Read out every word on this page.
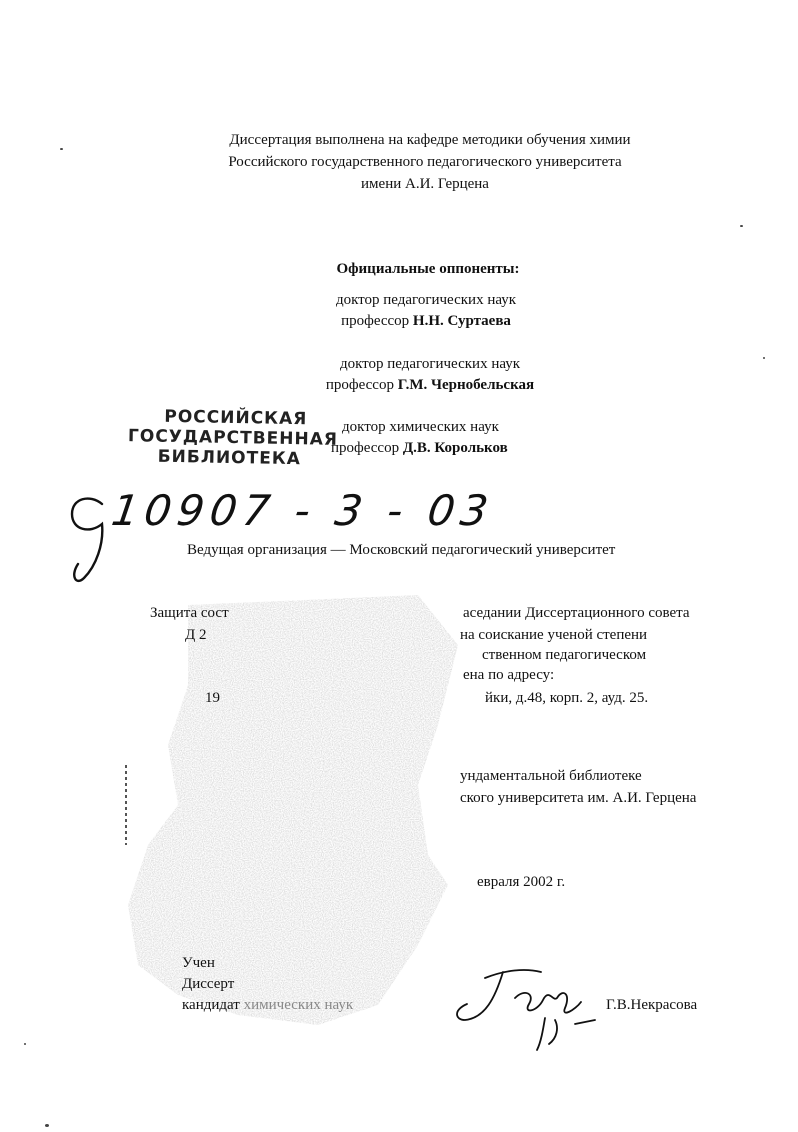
Диссертация выполнена на кафедре методики обучения химии
Российского государственного педагогического университета
имени А.И. Герцена
Официальные оппоненты:
доктор педагогических наук
профессор Н.Н. Суртаева
доктор педагогических наук
профессор Г.М. Чернобельская
доктор химических наук
профессор Д.В. Корольков
РОССИЙСКАЯ
ГОСУДАРСТВЕННАЯ
БИБЛИОТЕКА
10907 - 3 - 03
Ведущая организация — Московский педагогический университет
Защита сост	аседании Диссертационного совета
Д 2	на соискание ученой степени
ственном педагогическом
ена по адресу:
19	йки, д.48, корп. 2, ауд. 25.
ундаментальной библиотеке
ского университета им. А.И. Герцена
евраля 2002 г.
Учен
Диссерт
кандидат химических наук	Г.В.Некрасова
